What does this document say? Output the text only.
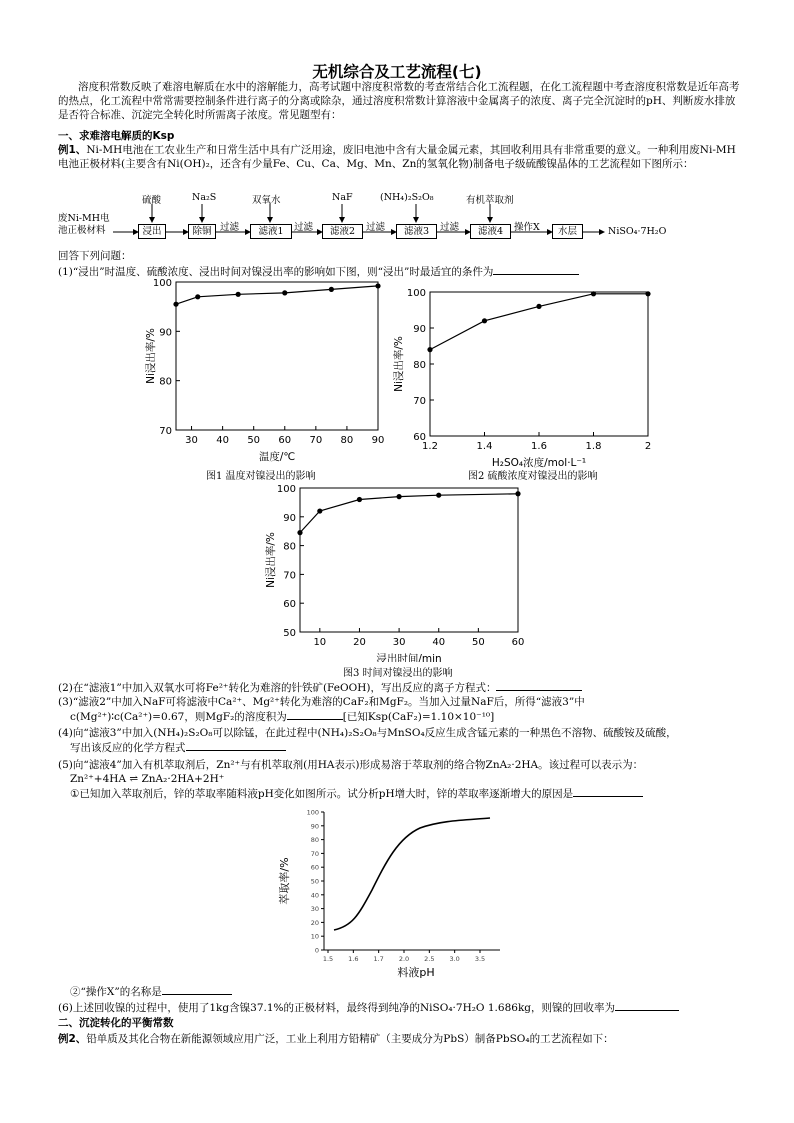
无机综合及工艺流程(七)
溶度积常数反映了难溶电解质在水中的溶解能力，高考试题中溶度积常数的考查常结合化工流程题，在化工流程题中考查溶度积常数是近年高考的热点，化工流程中常常需要控制条件进行离子的分离或除杂，通过溶度积常数计算溶液中金属离子的浓度、离子完全沉淀时的pH、判断废水排放是否符合标准、沉淀完全转化时所需离子浓度。常见题型有：
一、求难溶电解质的Ksp
例1、Ni-MH电池在工农业生产和日常生活中具有广泛用途，废旧电池中含有大量金属元素，其回收利用具有非常重要的意义。一种利用废Ni-MH电池正极材料(主要含有Ni(OH)₂，还含有少量Fe、Cu、Ca、Mg、Mn、Zn的氢氧化物)制备电子级硫酸镍晶体的工艺流程如下图所示：
废Ni-MH电池正极材料	浸出	除铜	滤液1	滤液2	滤液3	滤液4	水层
硫酸	Na₂S	双氧水	NaF	(NH₄)₂S₂O₈	有机萃取剂
过滤	过滤	过滤	过滤	操作X	NiSO₄·7H₂O
回答下列问题：
(1)“浸出”时温度、硫酸浓度、浸出时间对镍浸出率的影响如下图，则“浸出”时最适宜的条件为
30 40 50 60 70 80 90
70
80
90
100
温度/℃
Ni浸出率/%
图1 温度对镍浸出的影响
1.2	1.4	1.6	1.8	2
60
70
80
90
100
H₂SO₄浓度/mol·L⁻¹
Ni浸出率/%
图2 硫酸浓度对镍浸出的影响
10	20	30	40	50	60
50
60
70
80
90
100
浸出时间/min
Ni浸出率/%
图3 时间对镍浸出的影响
(2)在“滤液1”中加入双氧水可将Fe²⁺转化为难溶的针铁矿(FeOOH)，写出反应的离子方程式：
(3)“滤液2”中加入NaF可将滤液中Ca²⁺、Mg²⁺转化为难溶的CaF₂和MgF₂。当加入过量NaF后，所得“滤液3”中
c(Mg²⁺)∶c(Ca²⁺)=0.67，则MgF₂的溶度积为	[已知Ksp(CaF₂)=1.10×10⁻¹⁰]
(4)向“滤液3”中加入(NH₄)₂S₂O₈可以除锰，在此过程中(NH₄)₂S₂O₈与MnSO₄反应生成含锰元素的一种黑色不溶物、硫酸铵及硫酸，
写出该反应的化学方程式
(5)向“滤液4”加入有机萃取剂后，Zn²⁺与有机萃取剂(用HA表示)形成易溶于萃取剂的络合物ZnA₂·2HA。该过程可以表示为：
Zn²⁺+4HA ⇌ ZnA₂·2HA+2H⁺
①已知加入萃取剂后，锌的萃取率随料液pH变化如图所示。试分析pH增大时，锌的萃取率逐渐增大的原因是
0
10
20
30
40
50
60
70
80
90
100
1.5 1.6 1.7 2.0 2.5 3.0 3.5
料液pH
萃取率/%
②“操作X”的名称是
(6)上述回收镍的过程中，使用了1kg含镍37.1%的正极材料，最终得到纯净的NiSO₄·7H₂O 1.686kg，则镍的回收率为
二、沉淀转化的平衡常数
例2、铅单质及其化合物在新能源领域应用广泛，工业上利用方铅精矿（主要成分为PbS）制备PbSO₄的工艺流程如下：
